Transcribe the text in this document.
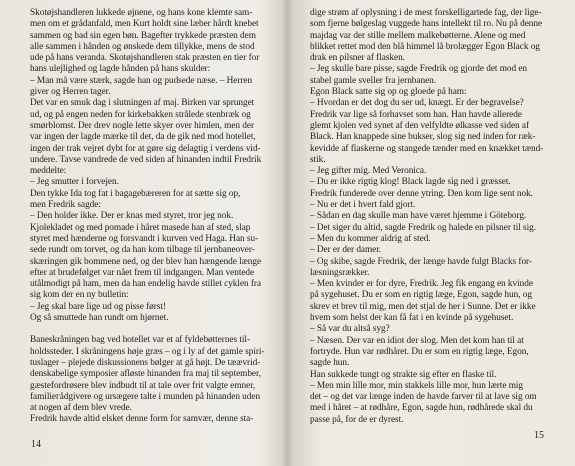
Skotøjshandleren lukkede øjnene, og hans kone klemte sam-
men om et grådanfald, men Kurt holdt sine læber hårdt knebet
sammen og bad sin egen bøn. Bagefter trykkede præsten dem
alle sammen i hånden og ønskede dem tillykke, mens de stod
ude på hans veranda. Skotøjshandleren stak præsten en tier for
hans ulejlighed og lagde hånden på hans skulder:
– Man må være stærk, sagde han og pudsede næse. – Herren
giver og Herren tager.
Det var en smuk dag i slutningen af maj. Birken var sprunget
ud, og på engen neden for kirkebakken strålede stenbræk og
smørblomst. Der drev nogle lette skyer over himlen, men der
var ingen der lagde mærke til det, da de gik ned mod hotellet,
ingen der trak vejret dybt for at gøre sig delagtig i verdens vid-
underе. Tavse vandrede de ved siden af hinanden indtil Fredrik
meddelte:
– Jeg smutter i forvejen.
Den tykke Ida tog fat i bagagebæreren for at sætte sig op,
men Fredrik sagde:
– Den holder ikke. Der er knas med styret, tror jeg nok.
Kjolekladet og med pomade i håret masede han af sted, slap
styret med hænderne og forsvandt i kurven ved Haga. Han su-
sede rundt om torvet, og da han kom tilbage til jernbaneover-
skæringen gik bommene ned, og der blev han hængende længe
efter at brudefølget var nået frem til indgangen. Man ventede
utålmodigt på ham, men da han endelig havde stillet cyklen fra
sig kom der en ny bulletin:
– Jeg skal bare lige ud og pisse først!
Og så smuttede han rundt om hjørnet.
Baneskråningen bag ved hotellet var et af fyldebøtternes til-
holdssteder. I skråningens høje græs – og i ly af det gamle spiri-
tuslager – plejede diskussionens bølger at gå højt. De tæævrid-
denskabelige symposier afløste hinanden fra maj til september,
gæstefordrøsere blev indbudt til at tale over frit valgte emner,
familieгådgivere og ursægere talte i munden på hinanden uden
at nogen af dem blev vrede.
Fredrik havde altid elsket denne form for samvær, denne sta-
14
dige strøm af oplysning i de mest forskelligartede fag, der lige-
som fjerne bølgeslag vuggede hans intellekt til ro. Nu på denne
majdag var der stille mellem malkebøtterne. Alene og med
blikket rettet mod den blå himmel lå brolægger Egon Black og
drak en pilsner af flasken.
– Jeg skulle bare pisse, sagde Fredrik og gjorde det mod en
stabel gamle sveller fra jernbanen.
Egon Black satte sig op og gloede på ham:
– Hvordan er det dog du ser ud, knægt. Er der begravelse?
Fredrik var lige så forhavset som han. Han havde allerede
glemt kjolen ved synet af den velfyldte ølkasse ved siden af
Black. Han knappede sine bukser, slog sig ned inden for ræk-
kevidde af flaskerne og stangede tænder med en knækket tænd-
stik.
– Jeg gifter mig. Med Veronica.
– Du er ikke rigtig klog! Black lagde sig ned i græsset.
Fredrik funderede over denne ytring. Den kom lige sent nok.
– Nu er det i hvert fald gjort.
– Sådan en dag skulle man have været hjemme i Göteborg.
– Det siger du altid, sagde Fredrik og halede en pilsner til sig.
– Men du kommer aldrig af sted.
– Der er der damer.
– Og skibe, sagde Fredrik, der længe havde fulgt Blacks for-
læsningsrækker.
– Men kvinder er for dyre, Fredrik. Jeg fik engang en kvinde
på sygehuset. Du er som en rigtig læge, Egon, sagde hun, og
skrev et brev til mig, men det stjal de her i Sunne. Det er ikke
hvem som helst der kan få fat i en kvinde på sygehuset.
– Så var du altså syg?
– Næsen. Der var en idiot der slog. Men det kom han til at
fortryde. Hun var rødhåret. Du er som en rigtig læge, Egon,
sagde hun.
Han sukkede tungt og strakte sig efter en flaske til.
– Men min lille mor, min stakkels lille mor, hun lærte mig
det – og det var længe inden de havde farver til at lave sig om
med i håret – at rødhåre, Egon, sagde hun, rødhårede skal du
passe på, for de er dyrest.
15
